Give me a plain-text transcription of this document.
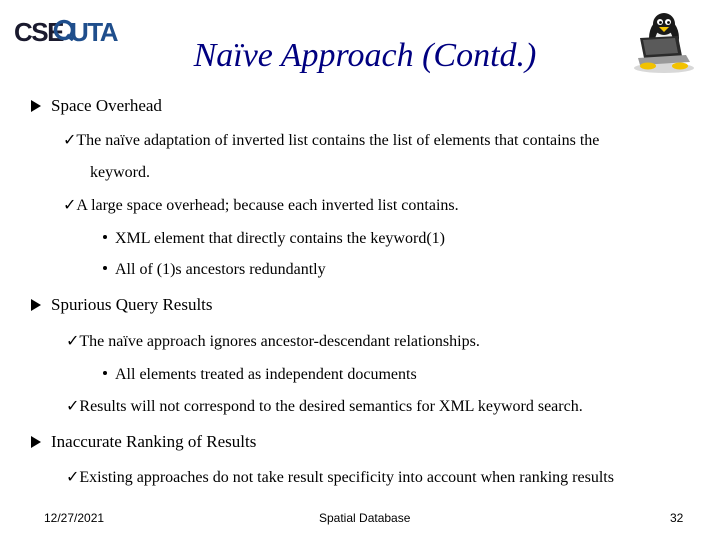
CSE UTA
Naïve Approach (Contd.)
Space Overhead
✓The naïve adaptation of inverted list contains the list of elements that contains the
keyword.
✓A large space overhead; because each inverted list contains.
XML element that directly contains the keyword(1)
All of (1)s ancestors redundantly
Spurious Query Results
✓The naïve approach ignores ancestor-descendant relationships.
All elements treated as independent documents
✓Results will not correspond to the desired semantics for XML keyword search.
Inaccurate Ranking of Results
✓Existing approaches do not take result specificity into account when ranking results
12/27/2021	Spatial Database	32
